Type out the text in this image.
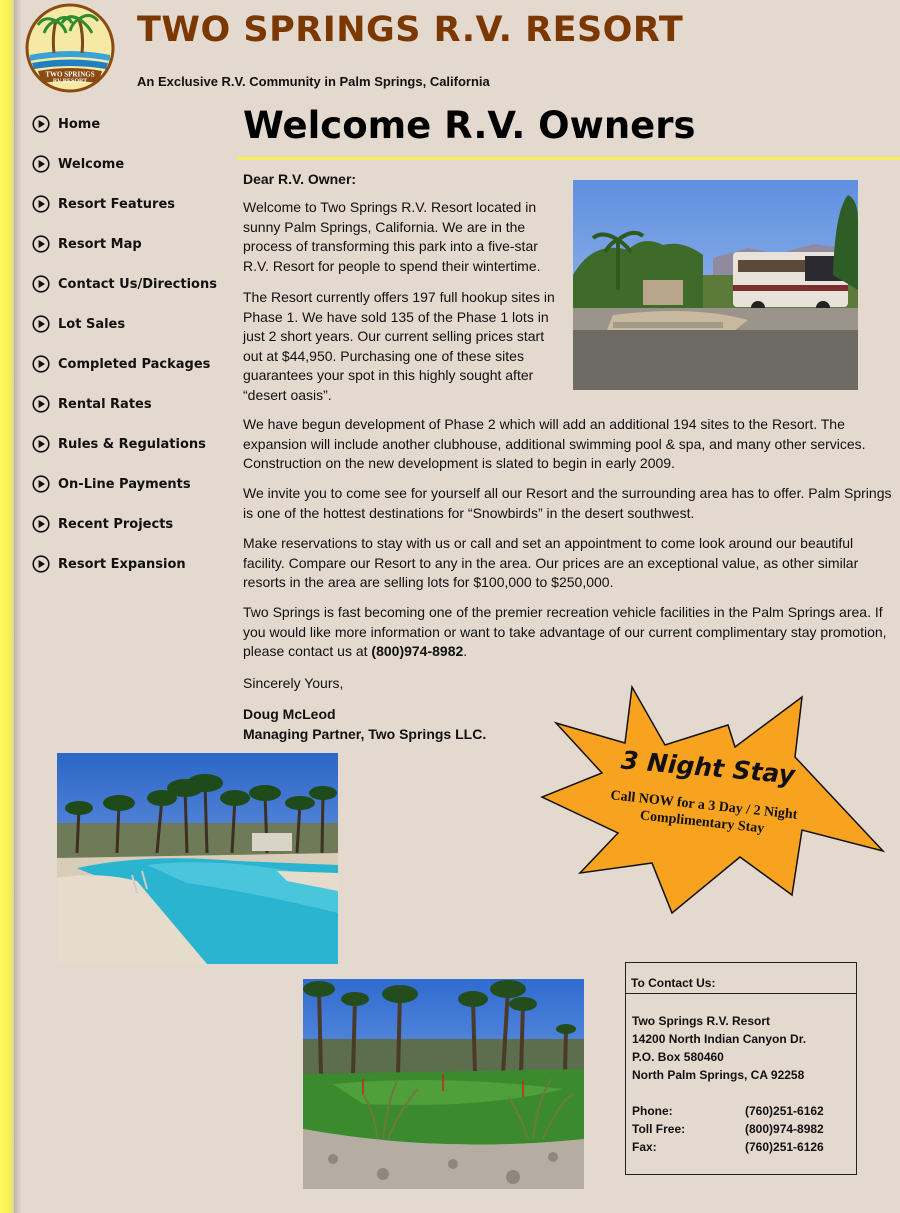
TWO SPRINGS
RV RESORT
TWO SPRINGS R.V. RESORT
An Exclusive R.V. Community in Palm Springs, California
Home
Welcome
Resort Features
Resort Map
Contact Us/Directions
Lot Sales
Completed Packages
Rental Rates
Rules & Regulations
On-Line Payments
Recent Projects
Resort Expansion
Welcome R.V. Owners
Dear R.V. Owner:

Welcome to Two Springs R.V. Resort located in sunny Palm Springs, California. We are in the process of transforming this park into a five-star R.V. Resort for people to spend their wintertime.

The Resort currently offers 197 full hookup sites in Phase 1. We have sold 135 of the Phase 1 lots in just 2 short years. Our current selling prices start out at $44,950. Purchasing one of these sites guarantees your spot in this highly sought after “desert oasis”.

We have begun development of Phase 2 which will add an additional 194 sites to the Resort. The expansion will include another clubhouse, additional swimming pool & spa, and many other services. Construction on the new development is slated to begin in early 2009.

We invite you to come see for yourself all our Resort and the surrounding area has to offer. Palm Springs is one of the hottest destinations for “Snowbirds” in the desert southwest.

Make reservations to stay with us or call and set an appointment to come look around our beautiful facility. Compare our Resort to any in the area. Our prices are an exceptional value, as other similar resorts in the area are selling lots for $100,000 to $250,000.

Two Springs is fast becoming one of the premier recreation vehicle facilities in the Palm Springs area. If you would like more information or want to take advantage of our current complimentary stay promotion, please contact us at (800)974-8982.

Sincerely Yours,
Doug McLeod
Managing Partner, Two Springs LLC.
3 Night Stay
Call NOW for a 3 Day / 2 Night Complimentary Stay
To Contact Us:
Two Springs R.V. Resort
14200 North Indian Canyon Dr.
P.O. Box 580460
North Palm Springs, CA 92258
Phone:	(760)251-6162
Toll Free:	(800)974-8982
Fax:	(760)251-6126
